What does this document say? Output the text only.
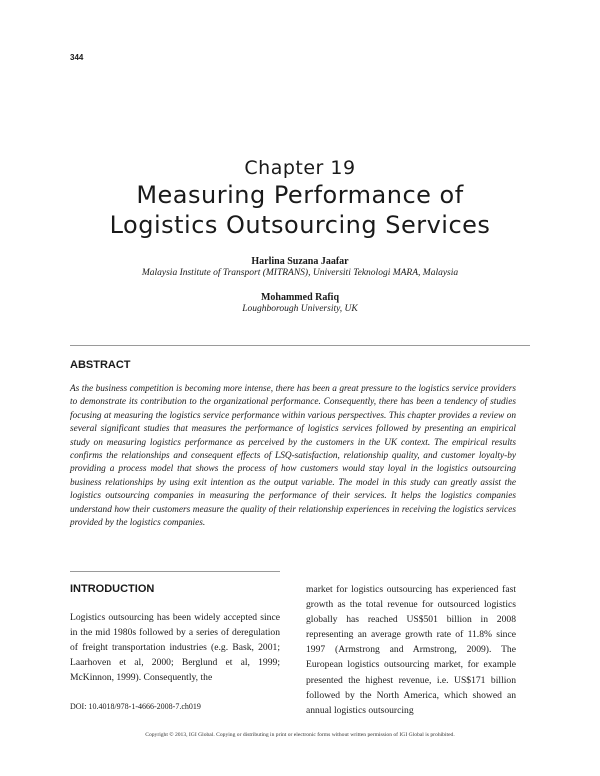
344
Chapter 19
Measuring Performance of
Logistics Outsourcing Services
Harlina Suzana Jaafar
Malaysia Institute of Transport (MITRANS), Universiti Teknologi MARA, Malaysia
Mohammed Rafiq
Loughborough University, UK
ABSTRACT
As the business competition is becoming more intense, there has been a great pressure to the logistics service providers to demonstrate its contribution to the organizational performance. Consequently, there has been a tendency of studies focusing at measuring the logistics service performance within various perspectives. This chapter provides a review on several significant studies that measures the performance of logistics services followed by presenting an empirical study on measuring logistics performance as perceived by the customers in the UK context. The empirical results confirms the relationships and consequent effects of LSQ-satisfaction, relationship quality, and customer loyalty-by providing a process model that shows the process of how customers would stay loyal in the logistics outsourcing business relationships by using exit intention as the output variable. The model in this study can greatly assist the logistics outsourcing companies in measuring the performance of their services. It helps the logistics companies understand how their customers measure the quality of their relationship experiences in receiving the logistics services provided by the logistics companies.
INTRODUCTION
Logistics outsourcing has been widely accepted since in the mid 1980s followed by a series of deregulation of freight transportation industries (e.g. Bask, 2001; Laarhoven et al, 2000; Berglund et al, 1999; McKinnon, 1999). Consequently, the
market for logistics outsourcing has experienced fast growth as the total revenue for outsourced logistics globally has reached US$501 billion in 2008 representing an average growth rate of 11.8% since 1997 (Armstrong and Armstrong, 2009). The European logistics outsourcing market, for example presented the highest revenue, i.e. US$171 billion followed by the North America, which showed an annual logistics outsourcing
DOI: 10.4018/978-1-4666-2008-7.ch019
Copyright © 2013, IGI Global. Copying or distributing in print or electronic forms without written permission of IGI Global is prohibited.
